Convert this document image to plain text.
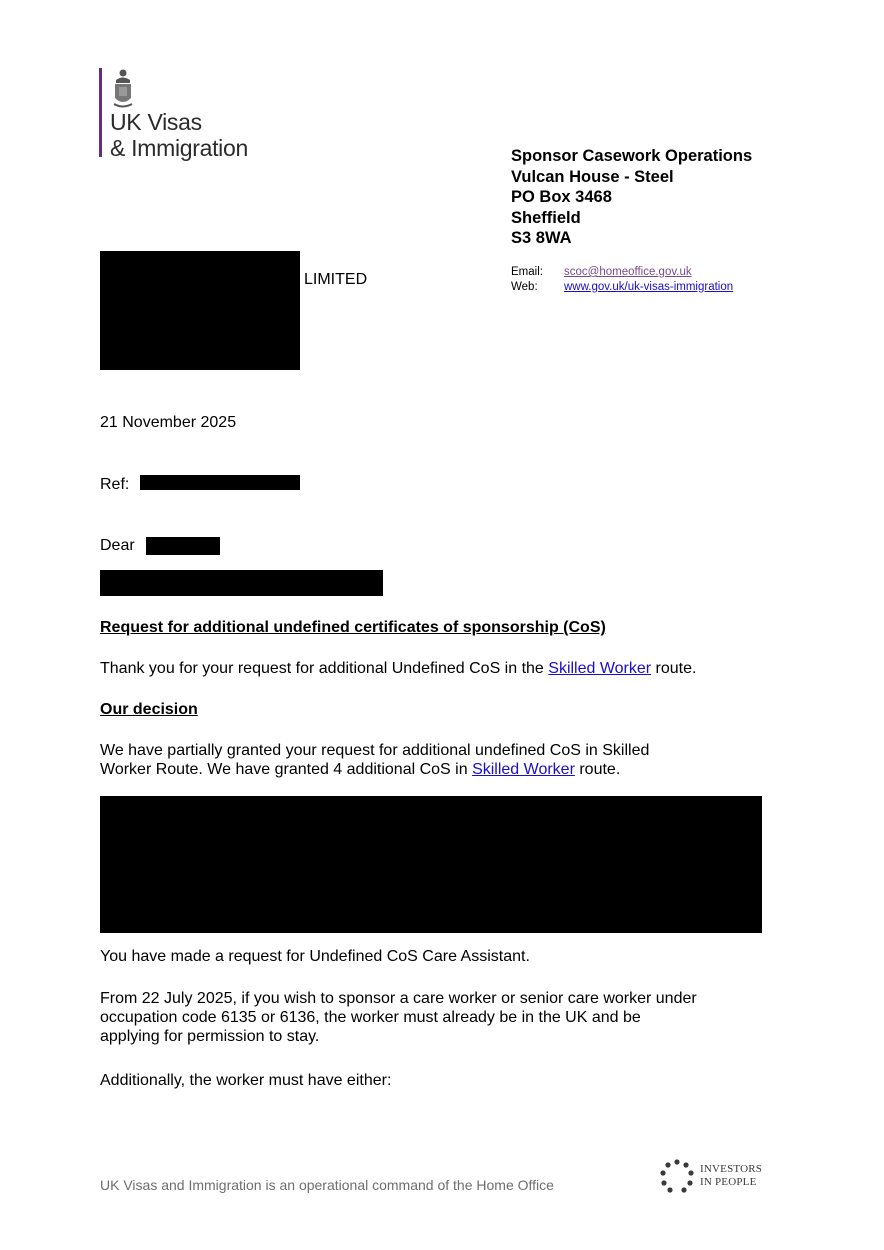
UK Visas
& Immigration	Sponsor Casework Operations
Vulcan House - Steel
PO Box 3468
Sheffield
S3 8WA
Email: scoc@homeoffice.gov.uk
Web: www.gov.uk/uk-visas-immigration
LIMITED
21 November 2025
Ref:
Dear
Request for additional undefined certificates of sponsorship (CoS)
Thank you for your request for additional Undefined CoS in the Skilled Worker route.
Our decision
We have partially granted your request for additional undefined CoS in Skilled
Worker Route. We have granted 4 additional CoS in Skilled Worker route.
You have made a request for Undefined CoS Care Assistant.
From 22 July 2025, if you wish to sponsor a care worker or senior care worker under
occupation code 6135 or 6136, the worker must already be in the UK and be
applying for permission to stay.
Additionally, the worker must have either:
UK Visas and Immigration is an operational command of the Home Office
INVESTORS
IN PEOPLE
